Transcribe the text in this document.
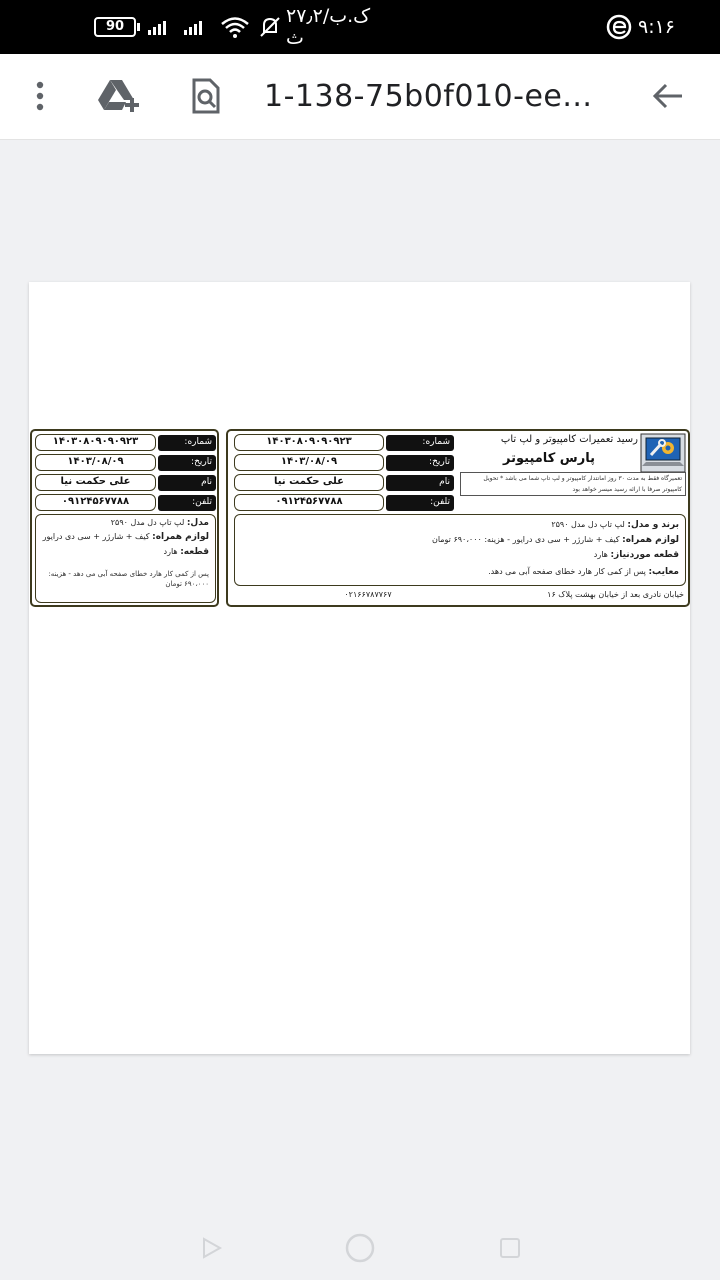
90	۲۷٫۲ک.ب/ث	۹:۱۶
1-138-75b0f010-ee...
۱۴۰۳۰۸۰۹۰۹۰۹۲۳	شماره:
۱۴۰۳/۰۸/۰۹	تاریخ:
علی حکمت نیا	نام
۰۹۱۲۴۵۶۷۷۸۸	تلفن:
مدل: لپ تاپ دل مدل ۲۵۹۰
لوازم همراه: کیف + شارژر + سی دی درایور
قطعه: هارد
پس از کمی کار هارد خطای صفحه آبی می دهد - هزینه: ۶۹۰،۰۰۰ تومان
۱۴۰۳۰۸۰۹۰۹۰۹۲۳	شماره:
۱۴۰۳/۰۸/۰۹	تاریخ:
علی حکمت نیا	نام
۰۹۱۲۴۵۶۷۷۸۸	تلفن:
رسید تعمیرات کامپیوتر و لپ تاپ
پارس کامپیوتر
تعمیرگاه فقط به مدت ۳۰ روز امانتدار کامپیوتر و لپ تاپ شما می باشد * تحویل کامپیوتر صرفا با ارائه رسید میسر خواهد بود
برند و مدل: لپ تاپ دل مدل ۲۵۹۰
لوازم همراه: کیف + شارژر + سی دی درایور - هزینه: ۶۹۰،۰۰۰ تومان
قطعه موردنیاز: هارد
معایب: پس از کمی کار هارد خطای صفحه آبی می دهد.
خیابان نادری بعد از خیابان بهشت پلاک ۱۶
۰۲۱۶۶۷۸۷۷۶۷
